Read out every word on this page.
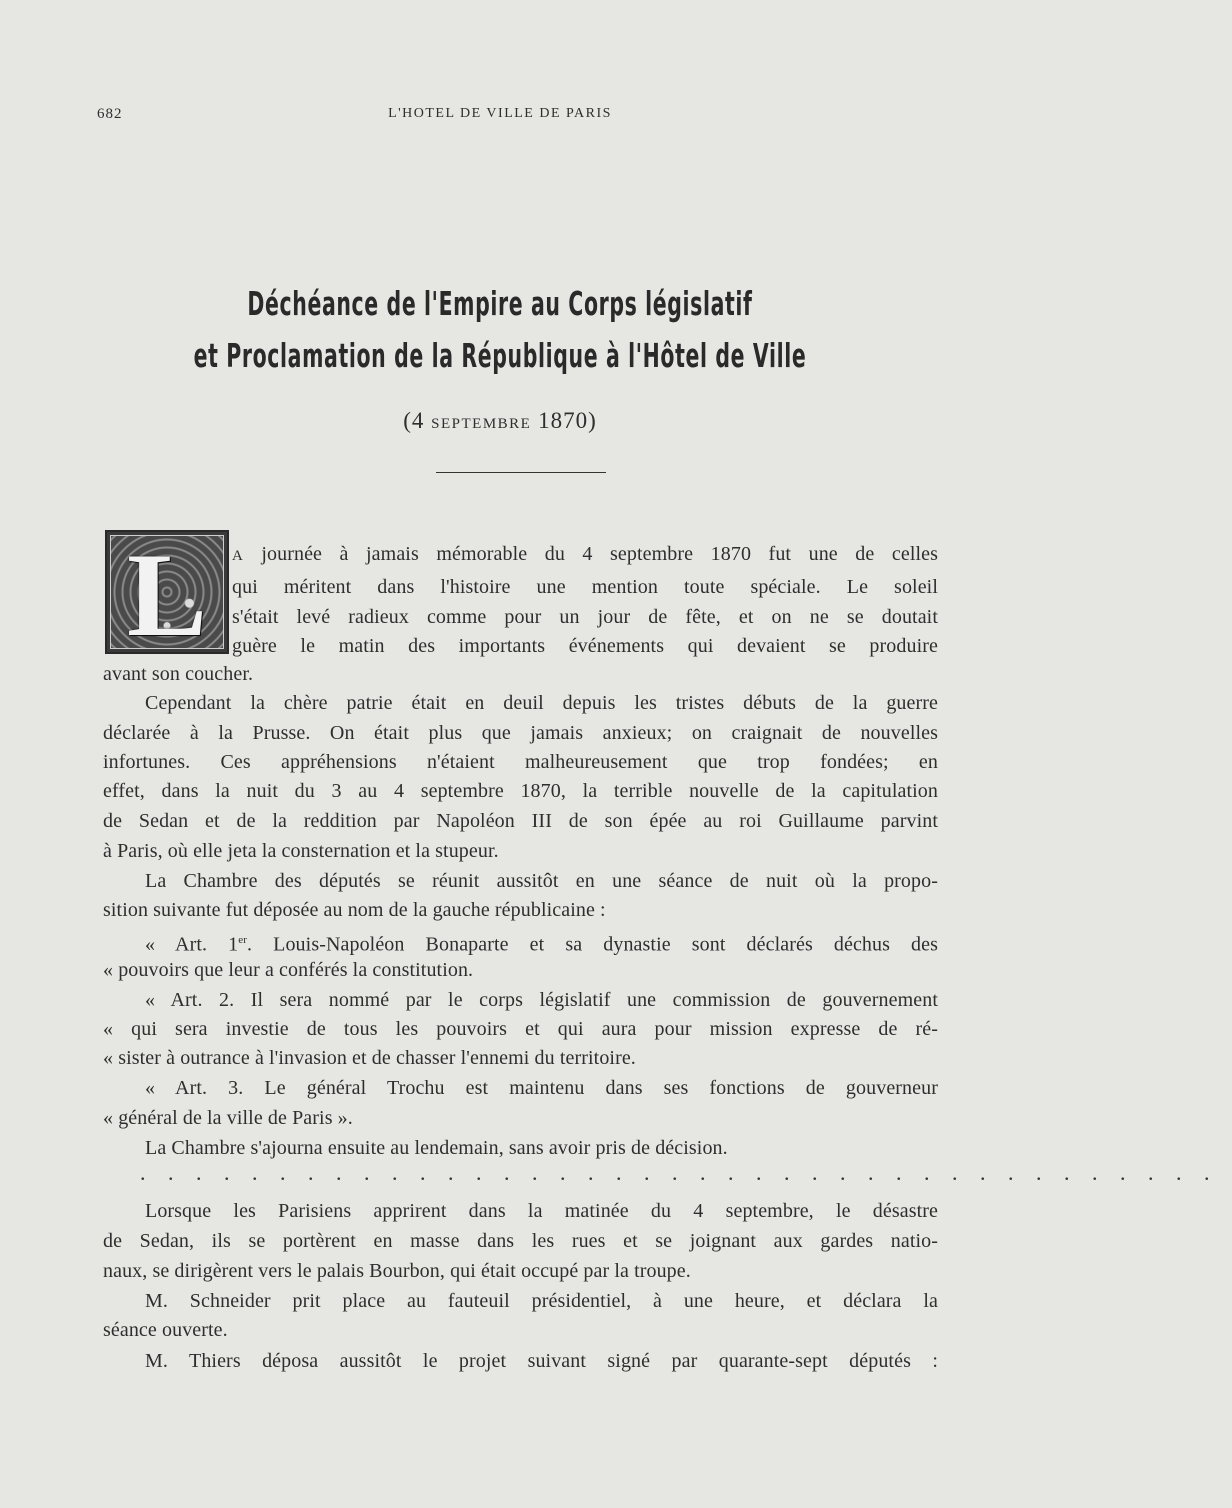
682	L'HOTEL DE VILLE DE PARIS
Déchéance de l'Empire au Corps législatif
et Proclamation de la République à l'Hôtel de Ville
(4 SEPTEMBRE 1870)
L A journée à jamais mémorable du 4 septembre 1870 fut une de celles
qui méritent dans l'histoire une mention toute spéciale. Le soleil
s'était levé radieux comme pour un jour de fête, et on ne se doutait
guère le matin des importants événements qui devaient se produire
avant son coucher.
Cependant la chère patrie était en deuil depuis les tristes débuts de la guerre
déclarée à la Prusse. On était plus que jamais anxieux; on craignait de nouvelles
infortunes. Ces appréhensions n'étaient malheureusement que trop fondées; en
effet, dans la nuit du 3 au 4 septembre 1870, la terrible nouvelle de la capitulation
de Sedan et de la reddition par Napoléon III de son épée au roi Guillaume parvint
à Paris, où elle jeta la consternation et la stupeur.
La Chambre des députés se réunit aussitôt en une séance de nuit où la propo-
sition suivante fut déposée au nom de la gauche républicaine :
« Art. 1er. Louis-Napoléon Bonaparte et sa dynastie sont déclarés déchus des
« pouvoirs que leur a conférés la constitution.
« Art. 2. Il sera nommé par le corps législatif une commission de gouvernement
« qui sera investie de tous les pouvoirs et qui aura pour mission expresse de ré-
« sister à outrance à l'invasion et de chasser l'ennemi du territoire.
« Art. 3. Le général Trochu est maintenu dans ses fonctions de gouverneur
« général de la ville de Paris ».
La Chambre s'ajourna ensuite au lendemain, sans avoir pris de décision.
.......................................
Lorsque les Parisiens apprirent dans la matinée du 4 septembre, le désastre
de Sedan, ils se portèrent en masse dans les rues et se joignant aux gardes natio-
naux, se dirigèrent vers le palais Bourbon, qui était occupé par la troupe.
M. Schneider prit place au fauteuil présidentiel, à une heure, et déclara la
séance ouverte.
M. Thiers déposa aussitôt le projet suivant signé par quarante-sept députés :
